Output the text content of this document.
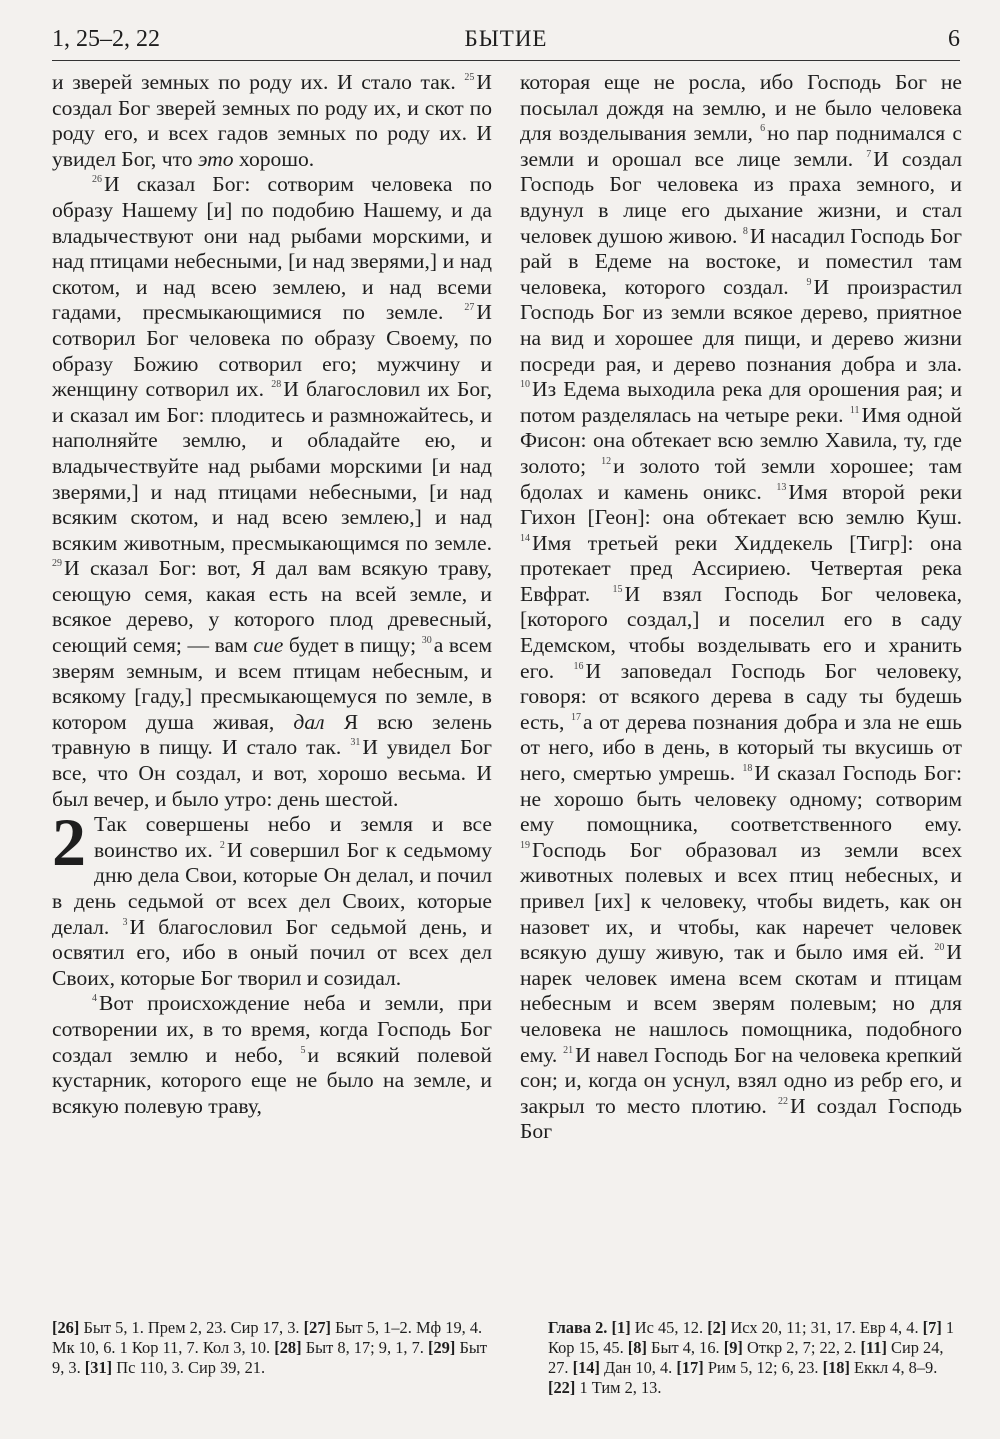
1, 25–2, 22	БЫТИЕ	6

и зверей земных по роду их. И стало так. $^{25}$И создал Бог зверей земных по роду их, и скот по роду его, и всех гадов земных по роду их. И увидел Бог, что это хорошо.

$^{26}$И сказал Бог: сотворим человека по образу Нашему [и] по подобию Нашему, и да владычествуют они над рыбами морскими, и над птицами небесными, [и над зверями,] и над скотом, и над всею землею, и над всеми гадами, пресмыкающимися по земле. $^{27}$И сотворил Бог человека по образу Своему, по образу Божию сотворил его; мужчину и женщину сотворил их. $^{28}$И благословил их Бог, и сказал им Бог: плодитесь и размножайтесь, и наполняйте землю, и обладайте ею, и владычествуйте над рыбами морскими [и над зверями,] и над птицами небесными, [и над всяким скотом, и над всею землею,] и над всяким животным, пресмыкающимся по земле. $^{29}$И сказал Бог: вот, Я дал вам всякую траву, сеющую семя, какая есть на всей земле, и всякое дерево, у которого плод древесный, сеющий семя; — вам сие будет в пищу; $^{30}$а всем зверям земным, и всем птицам небесным, и всякому [гаду,] пресмыкающемуся по земле, в котором душа живая, дал Я всю зелень травную в пищу. И стало так. $^{31}$И увидел Бог все, что Он создал, и вот, хорошо весьма. И был вечер, и было утро: день шестой.

2 Так совершены небо и земля и все воинство их. $^2$И совершил Бог к седьмому дню дела Свои, которые Он делал, и почил в день седьмой от всех дел Своих, которые делал. $^3$И благословил Бог седьмой день, и освятил его, ибо в оный почил от всех дел Своих, которые Бог творил и созидал.

$^4$Вот происхождение неба и земли, при сотворении их, в то время, когда Господь Бог создал землю и небо, $^5$и всякий полевой кустарник, которого еще не было на земле, и всякую полевую траву,

которая еще не росла, ибо Господь Бог не посылал дождя на землю, и не было человека для возделывания земли, $^6$но пар поднимался с земли и орошал все лице земли. $^7$И создал Господь Бог человека из праха земного, и вдунул в лице его дыхание жизни, и стал человек душою живою. $^8$И насадил Господь Бог рай в Едеме на востоке, и поместил там человека, которого создал. $^9$И произрастил Господь Бог из земли всякое дерево, приятное на вид и хорошее для пищи, и дерево жизни посреди рая, и дерево познания добра и зла. $^{10}$Из Едема выходила река для орошения рая; и потом разделялась на четыре реки. $^{11}$Имя одной Фисон: она обтекает всю землю Хавила, ту, где золото; $^{12}$и золото той земли хорошее; там бдолах и камень оникс. $^{13}$Имя второй реки Гихон [Геон]: она обтекает всю землю Куш. $^{14}$Имя третьей реки Хиддекель [Тигр]: она протекает пред Ассириею. Четвертая река Евфрат. $^{15}$И взял Господь Бог человека, [которого создал,] и поселил его в саду Едемском, чтобы возделывать его и хранить его. $^{16}$И заповедал Господь Бог человеку, говоря: от всякого дерева в саду ты будешь есть, $^{17}$а от дерева познания добра и зла не ешь от него, ибо в день, в который ты вкусишь от него, смертью умрешь. $^{18}$И сказал Господь Бог: не хорошо быть человеку одному; сотворим ему помощника, соответственного ему. $^{19}$Господь Бог образовал из земли всех животных полевых и всех птиц небесных, и привел [их] к человеку, чтобы видеть, как он назовет их, и чтобы, как наречет человек всякую душу живую, так и было имя ей. $^{20}$И нарек человек имена всем скотам и птицам небесным и всем зверям полевым; но для человека не нашлось помощника, подобного ему. $^{21}$И навел Господь Бог на человека крепкий сон; и, когда он уснул, взял одно из ребр его, и закрыл то место плотию. $^{22}$И создал Господь Бог

[26] Быт 5, 1. Прем 2, 23. Сир 17, 3. [27] Быт 5, 1–2. Мф 19, 4. Мк 10, 6. 1 Кор 11, 7. Кол 3, 10. [28] Быт 8, 17; 9, 1, 7. [29] Быт 9, 3. [31] Пс 110, 3. Сир 39, 21.
Глава 2. [1] Ис 45, 12. [2] Исх 20, 11; 31, 17. Евр 4, 4. [7] 1 Кор 15, 45. [8] Быт 4, 16. [9] Откр 2, 7; 22, 2. [11] Сир 24, 27. [14] Дан 10, 4. [17] Рим 5, 12; 6, 23. [18] Еккл 4, 8–9. [22] 1 Тим 2, 13.
